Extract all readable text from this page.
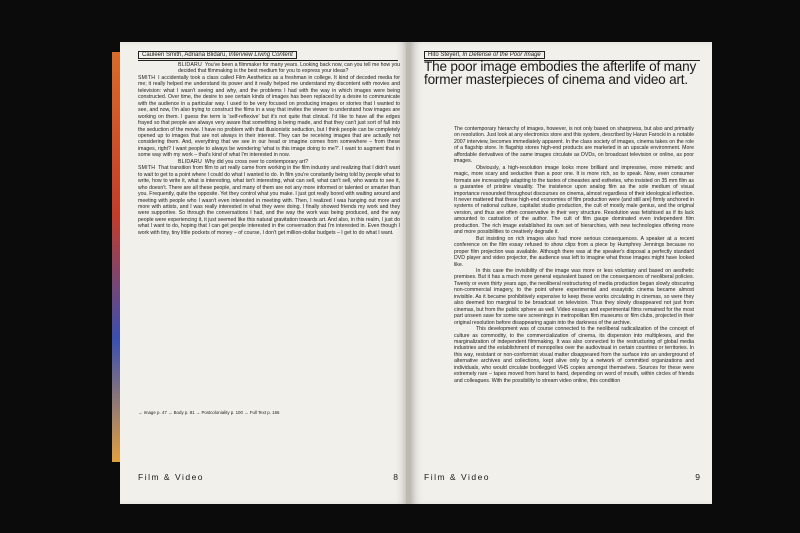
Cauleen Smith, Adriana Blidaru, Interview Living Content

BLIDARU You've been a filmmaker for many years. Looking back now, can you tell me how you decided that filmmaking is the best medium for you to express your ideas?

SMITH I accidentally took a class called Film Aesthetics as a freshman in college. It kind of decoded media for me; it really helped me understand its power and it really helped me understand my discontent with movies and television: what I wasn't seeing and why, and the problems I had with the way in which images were being constructed. Over time, the desire to see certain kinds of images has been replaced by a desire to communicate with the audience in a particular way. I used to be very focused on producing images or stories that I wanted to see, and now, I'm also trying to construct the films in a way that invites the viewer to understand how images are working on them. I guess the term is 'self-reflexive' but it's not quite that clinical. I'd like to have all the edges frayed so that people are always very aware that something is being made, and that they can't just sort of fall into the seduction of the movie. I have no problem with that illusionistic seduction, but I think people can be completely opened up to images that are not always in their interest. They can be receiving images that are actually not considering them. And, everything that we see in our head or imagine comes from somewhere – from these images, right? I want people to always be wondering 'what is this image doing to me?'. I want to augment that in some way with my work – that's kind of what I'm interested in now.

BLIDARU Why did you cross over to contemporary art?

SMITH That transition from film to art really came from working in the film industry and realizing that I didn't want to wait to get to a point where I could do what I wanted to do. In film you're constantly being told by people what to write, how to write it, what is interesting, what isn't interesting, what can sell, what can't sell, who wants to see it, who doesn't. There are all these people, and many of them are not any more informed or talented or smarter than you. Frequently, quite the opposite. Yet they control what you make. I just got really bored with waiting around and meeting with people who I wasn't even interested in meeting with. Then, I realized I was hanging out more and more with artists, and I was really interested in what they were doing. I finally showed friends my work and they were supportive. So through the conversations I had, and the way the work was being produced, and the way people were experiencing it, it just seemed like this natural gravitation towards art. And also, in this realm, I just do what I want to do, hoping that I can get people interested in the conversation that I'm interested in. Even though I work with tiny, tiny little pockets of money – of course, I don't get million-dollar budgets – I get to do what I want.

→ Image p. 47 → Body p. 81 → Postcoloniality p. 100 → Full Text p. 166
Film & Video	8
Hito Steyerl, In Defense of the Poor Image
The poor image embodies the afterlife of many former masterpieces of cinema and video art.

The contemporary hierarchy of images, however, is not only based on sharpness, but also and primarily on resolution. Just look at any electronics store and this system, described by Harun Farocki in a notable 2007 interview, becomes immediately apparent. In the class society of images, cinema takes on the role of a flagship store. In flagship stores high-end products are marketed in an upscale environment. More affordable derivatives of the same images circulate as DVDs, on broadcast television or online, as poor images.

Obviously, a high-resolution image looks more brilliant and impressive, more mimetic and magic, more scary and seductive than a poor one. It is more rich, so to speak. Now, even consumer formats are increasingly adapting to the tastes of cineastes and esthetes, who insisted on 35 mm film as a guarantee of pristine visuality. The insistence upon analog film as the sole medium of visual importance resounded throughout discourses on cinema, almost regardless of their ideological inflection. It never mattered that these high-end economies of film production were (and still are) firmly anchored in systems of national culture, capitalist studio production, the cult of mostly male genius, and the original version, and thus are often conservative in their very structure. Resolution was fetishised as if its lack amounted to castration of the author. The cult of film gauge dominated even independent film production. The rich image established its own set of hierarchies, with new technologies offering more and more possibilities to creatively degrade it.

But insisting on rich images also had more serious consequences. A speaker at a recent conference on the film essay refused to show clips from a piece by Humphrey Jennings because no proper film projection was available. Although there was at the speaker's disposal a perfectly standard DVD player and video projector, the audience was left to imagine what those images might have looked like.

In this case the invisibility of the image was more or less voluntary and based on aesthetic premises. But it has a much more general equivalent based on the consequences of neoliberal policies. Twenty or even thirty years ago, the neoliberal restructuring of media production began slowly obscuring non-commercial imagery, to the point where experimental and essayistic cinema became almost invisible. As it became prohibitively expensive to keep these works circulating in cinemas, so were they also deemed too marginal to be broadcast on television. Thus they slowly disappeared not just from cinemas, but from the public sphere as well. Video essays and experimental films remained for the most part unseen save for some rare screenings in metropolitan film museums or film clubs, projected in their original resolution before disappearing again into the darkness of the archive.

This development was of course connected to the neoliberal radicalization of the concept of culture as commodity, to the commercialization of cinema, its dispersion into multiplexes, and the marginalization of independent filmmaking. It was also connected to the restructuring of global media industries and the establishment of monopolies over the audiovisual in certain countries or territories. In this way, resistant or non-conformist visual matter disappeared from the surface into an underground of alternative archives and collections, kept alive only by a network of committed organizations and individuals, who would circulate bootlegged VHS copies amongst themselves. Sources for these were extremely rare – tapes moved from hand to hand, depending on word of mouth, within circles of friends and colleagues. With the possibility to stream video online, this condition

Film & Video	9
